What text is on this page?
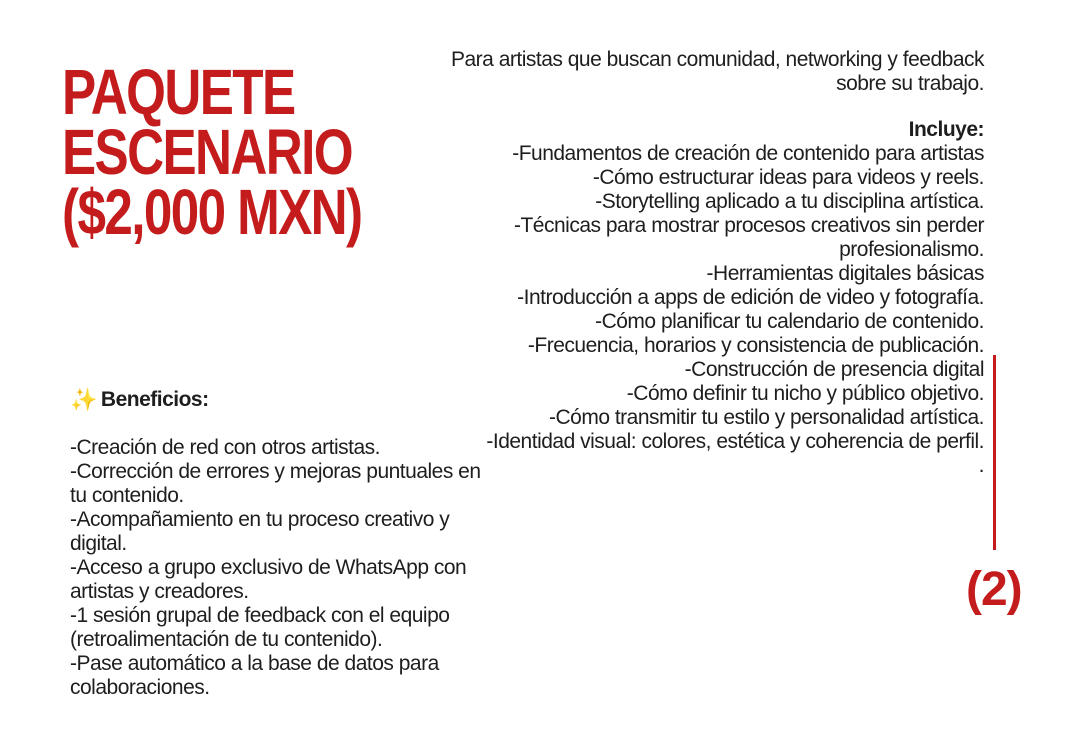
PAQUETE
ESCENARIO
($2,000 MXN)
Para artistas que buscan comunidad, networking y feedback
sobre su trabajo.
Incluye:
-Fundamentos de creación de contenido para artistas
-Cómo estructurar ideas para videos y reels.
-Storytelling aplicado a tu disciplina artística.
-Técnicas para mostrar procesos creativos sin perder
profesionalismo.
-Herramientas digitales básicas
-Introducción a apps de edición de video y fotografía.
-Cómo planificar tu calendario de contenido.
-Frecuencia, horarios y consistencia de publicación.
-Construcción de presencia digital
-Cómo definir tu nicho y público objetivo.
-Cómo transmitir tu estilo y personalidad artística.
-Identidad visual: colores, estética y coherencia de perfil.
.
✨ Beneficios:
-Creación de red con otros artistas.
-Corrección de errores y mejoras puntuales en tu contenido.
-Acompañamiento en tu proceso creativo y digital.
-Acceso a grupo exclusivo de WhatsApp con artistas y creadores.
-1 sesión grupal de feedback con el equipo (retroalimentación de tu contenido).
-Pase automático a la base de datos para colaboraciones.
(2)
